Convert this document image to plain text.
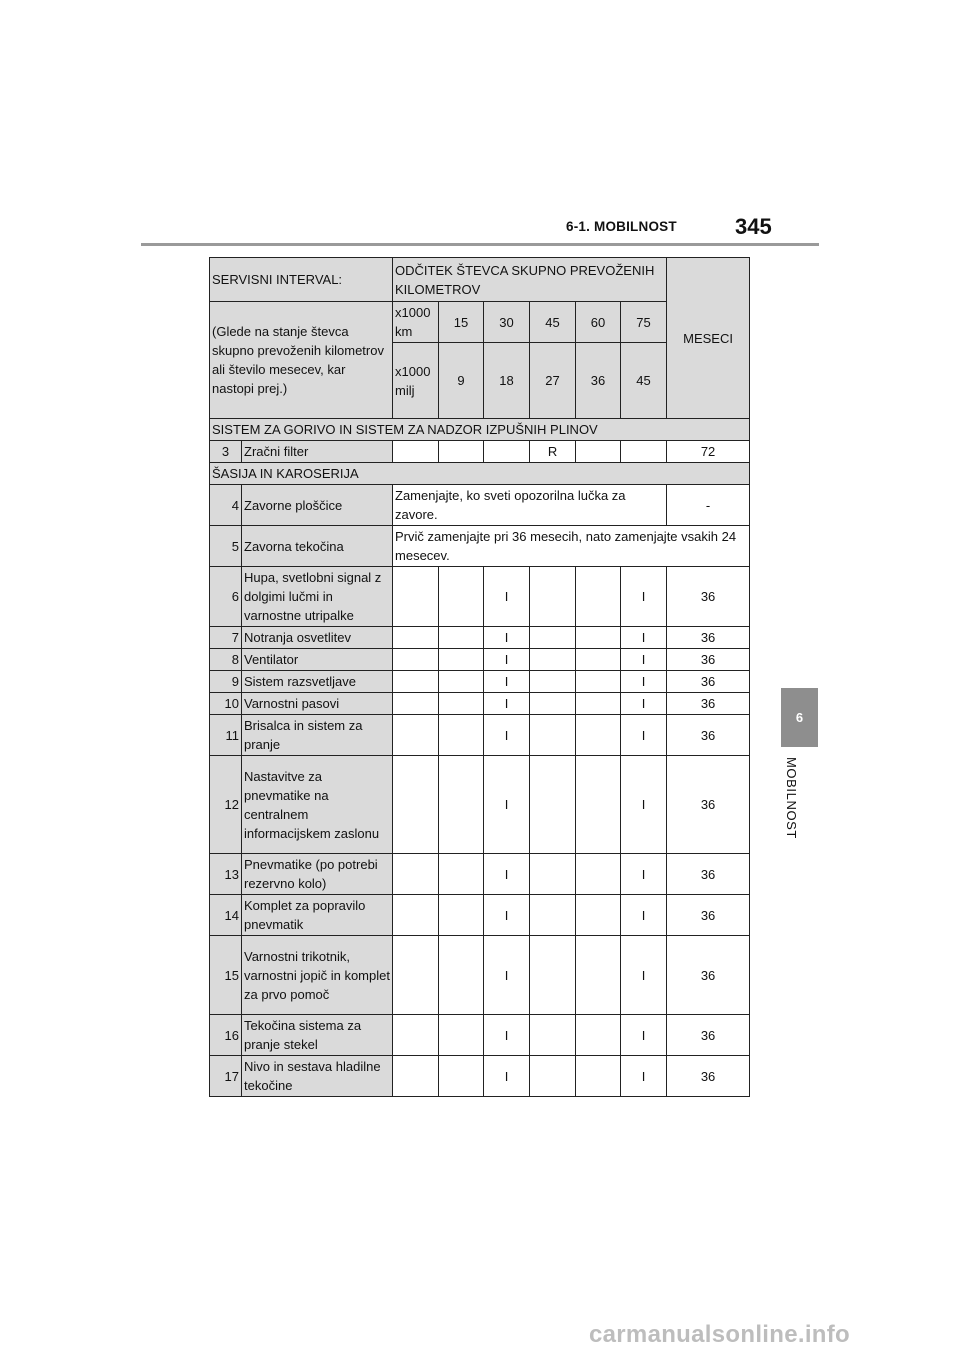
6-1. MOBILNOST	345
6
MOBILNOST
SERVISNI INTERVAL:		ODČITEK ŠTEVCA SKUPNO PREVOŽENIH KILOMETROV						MESECI
(Glede na stanje števca skupno prevoženih kilometrov ali število mesecev, kar nastopi prej.)		x1000 km	15	30	45	60	75	
		x1000 milj	9	18	27	36	45	
SISTEM ZA GORIVO IN SISTEM ZA NADZOR IZPUŠNIH PLINOV								
3	Zračni filter				R			72
ŠASIJA IN KAROSERIJA								
4	Zavorne ploščice	Zamenjajte, ko sveti opozorilna lučka za zavore.						-
5	Zavorna tekočina	Prvič zamenjajte pri 36 mesecih, nato zamenjajte vsakih 24 mesecev.						
6	Hupa, svetlobni signal z dolgimi lučmi in varnostne utripalke			I			I	36
7	Notranja osvetlitev			I			I	36
8	Ventilator			I			I	36
9	Sistem razsvetljave			I			I	36
10	Varnostni pasovi			I			I	36
11	Brisalca in sistem za pranje			I			I	36
12	Nastavitve za pnevmatike na centralnem informacijskem zaslonu			I			I	36
13	Pnevmatike (po potrebi rezervno kolo)			I			I	36
14	Komplet za popravilo pnevmatik			I			I	36
15	Varnostni trikotnik, varnostni jopič in komplet za prvo pomoč			I			I	36
16	Tekočina sistema za pranje stekel			I			I	36
17	Nivo in sestava hladilne tekočine			I			I	36
carmanualsonline.info
